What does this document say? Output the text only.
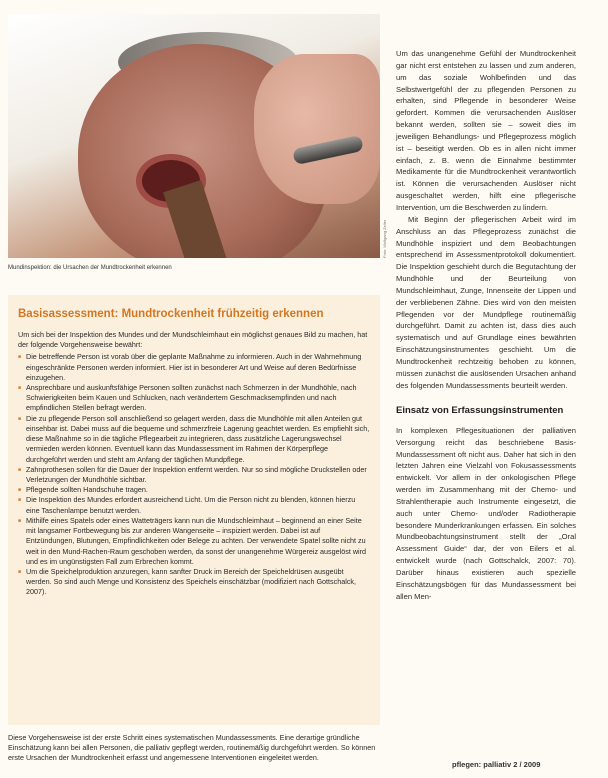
Foto: Wolfgang Zeller
Mundinspektion: die Ursachen der Mundtrockenheit erkennen
Basisassessment: Mundtrockenheit frühzeitig erkennen

Um sich bei der Inspektion des Mundes und der Mundschleimhaut ein möglichst genaues Bild zu machen, hat der folgende Vorgehensweise bewährt:

■ Die betreffende Person ist vorab über die geplante Maßnahme zu informieren. Auch in der Wahrnehmung eingeschränkte Personen werden informiert. Hier ist in besonderer Art und Weise auf deren Bedürfnisse einzugehen.
■ Ansprechbare und auskunftsfähige Personen sollten zunächst nach Schmerzen in der Mundhöhle, nach Schwierigkeiten beim Kauen und Schlucken, nach verändertem Geschmacksempfinden und nach empfindlichen Stellen befragt werden.
■ Die zu pflegende Person soll anschließend so gelagert werden, dass die Mundhöhle mit allen Anteilen gut einsehbar ist. Dabei muss auf die bequeme und schmerzfreie Lagerung geachtet werden. Es empfiehlt sich, diese Maßnahme so in die tägliche Pflegearbeit zu integrieren, dass zusätzliche Lagerungswechsel vermieden werden können. Eventuell kann das Mundassessment im Rahmen der Körperpflege durchgeführt werden und steht am Anfang der täglichen Mundpflege.
■ Zahnprothesen sollen für die Dauer der Inspektion entfernt werden. Nur so sind mögliche Druckstellen oder Verletzungen der Mundhöhle sichtbar.
■ Pflegende sollten Handschuhe tragen.
■ Die Inspektion des Mundes erfordert ausreichend Licht. Um die Person nicht zu blenden, können hierzu eine Taschenlampe benutzt werden.
■ Mithilfe eines Spatels oder eines Watteträgers kann nun die Mundschleimhaut – beginnend an einer Seite mit langsamer Fortbewegung bis zur anderen Wangenseite – inspiziert werden. Dabei ist auf Entzündungen, Blutungen, Empfindlichkeiten oder Belege zu achten. Der verwendete Spatel sollte nicht zu weit in den Mund-Rachen-Raum geschoben werden, da sonst der unangenehme Würgereiz ausgelöst wird und es im ungünstigsten Fall zum Erbrechen kommt.
■ Um die Speichelproduktion anzuregen, kann sanfter Druck im Bereich der Speicheldrüsen ausgeübt werden. So sind auch Menge und Konsistenz des Speichels einschätzbar (modifiziert nach Gottschalck, 2007).

Diese Vorgehensweise ist der erste Schritt eines systematischen Mundassessments. Eine derartige gründliche Einschätzung kann bei allen Personen, die palliativ gepflegt werden, routinemäßig durchgeführt werden. So können erste Ursachen der Mundtrockenheit erfasst und angemessene Interventionen eingeleitet werden.

Um das unangenehme Gefühl der Mundtrockenheit gar nicht erst entstehen zu lassen und zum anderen, um das soziale Wohlbefinden und das Selbstwertgefühl der zu pflegenden Personen zu erhalten, sind Pflegende in besonderer Weise gefordert. Kommen die verursachenden Auslöser bekannt werden, sollten sie – soweit dies im jeweiligen Behandlungs- und Pflegeprozess möglich ist – beseitigt werden. Ob es in allen nicht immer einfach, z. B. wenn die Einnahme bestimmter Medikamente für die Mundtrockenheit verantwortlich ist. Können die verursachenden Auslöser nicht ausgeschaltet werden, hilft eine pflegerische Intervention, um die Beschwerden zu lindern.

Mit Beginn der pflegerischen Arbeit wird im Anschluss an das Pflegeprozess zunächst die Mundhöhle inspiziert und dem Beobachtungen entsprechend im Assessmentprotokoll dokumentiert. Die Inspektion geschieht durch die Begutachtung der Mundhöhle und der Beurteilung von Mundschleimhaut, Zunge, Innenseite der Lippen und der verbliebenen Zähne. Dies wird von den meisten Pflegenden vor der Mundpflege routinemäßig durchgeführt. Damit zu achten ist, dass dies auch systematisch und auf Grundlage eines bewährten Einschätzungsinstrumentes geschieht. Um die Mundtrockenheit rechtzeitig behoben zu können, müssen zunächst die auslösenden Ursachen anhand des folgenden Mundassessments beurteilt werden.

Einsatz von Erfassungsinstrumenten

In komplexen Pflegesituationen der palliativen Versorgung reicht das beschriebene Basis-Mundassessment oft nicht aus. Daher hat sich in den letzten Jahren eine Vielzahl von Fokusassessments entwickelt. Vor allem in der onkologischen Pflege werden im Zusammenhang mit der Chemo- und Strahlentherapie auch Instrumente eingesetzt, die auch unter Chemo- und/oder Radiotherapie besondere Munderkrankungen erfassen. Ein solches Mundbeobachtungsinstrument stellt der „Oral Assessment Guide“ dar, der von Eilers et al. entwickelt wurde (nach Gottschalck, 2007: 70). Darüber hinaus existieren auch spezielle Einschätzungsbögen für das Mundassessment bei allen Men-

pflegen: palliativ 2 / 2009
